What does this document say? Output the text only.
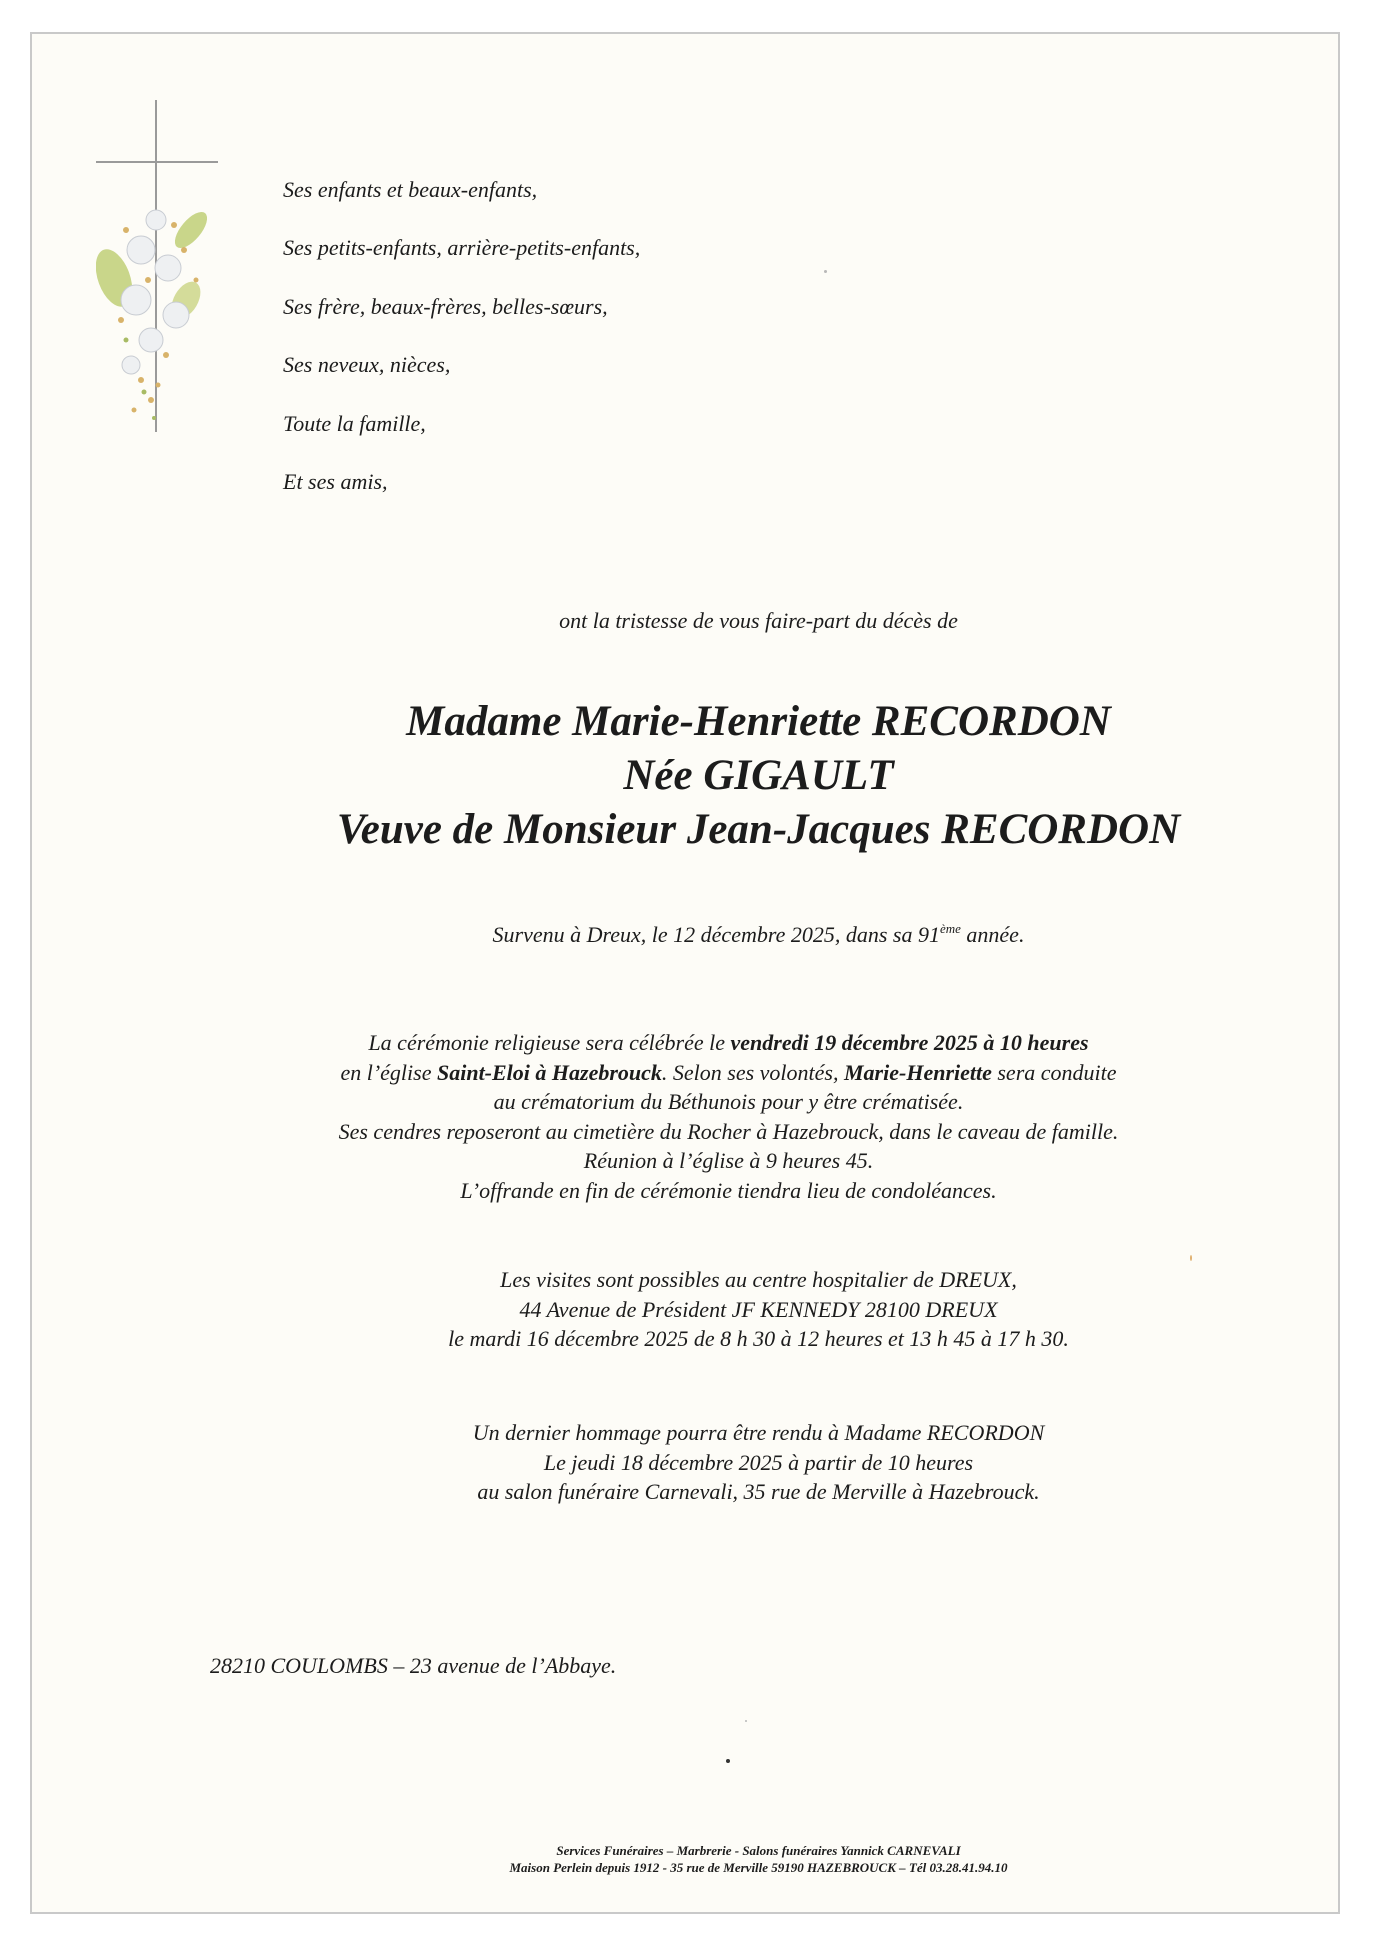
Ses enfants et beaux-enfants,
Ses petits-enfants, arrière-petits-enfants,
Ses frère, beaux-frères, belles-sœurs,
Ses neveux, nièces,
Toute la famille,
Et ses amis,
ont la tristesse de vous faire-part du décès de
Madame Marie-Henriette RECORDON
Née GIGAULT
Veuve de Monsieur Jean-Jacques RECORDON
Survenu à Dreux, le 12 décembre 2025, dans sa 91ème année.
La cérémonie religieuse sera célébrée le vendredi 19 décembre 2025 à 10 heures
en l’église Saint-Eloi à Hazebrouck. Selon ses volontés, Marie-Henriette sera conduite
au crématorium du Béthunois pour y être crématisée.
Ses cendres reposeront au cimetière du Rocher à Hazebrouck, dans le caveau de famille.
Réunion à l’église à 9 heures 45.
L’offrande en fin de cérémonie tiendra lieu de condoléances.
Les visites sont possibles au centre hospitalier de DREUX,
44 Avenue de Président JF KENNEDY 28100 DREUX
le mardi 16 décembre 2025 de 8 h 30 à 12 heures et 13 h 45 à 17 h 30.
Un dernier hommage pourra être rendu à Madame RECORDON
Le jeudi 18 décembre 2025 à partir de 10 heures
au salon funéraire Carnevali, 35 rue de Merville à Hazebrouck.
28210 COULOMBS – 23 avenue de l’Abbaye.
Services Funéraires – Marbrerie - Salons funéraires Yannick CARNEVALI
Maison Perlein depuis 1912 - 35 rue de Merville 59190 HAZEBROUCK – Tél 03.28.41.94.10
